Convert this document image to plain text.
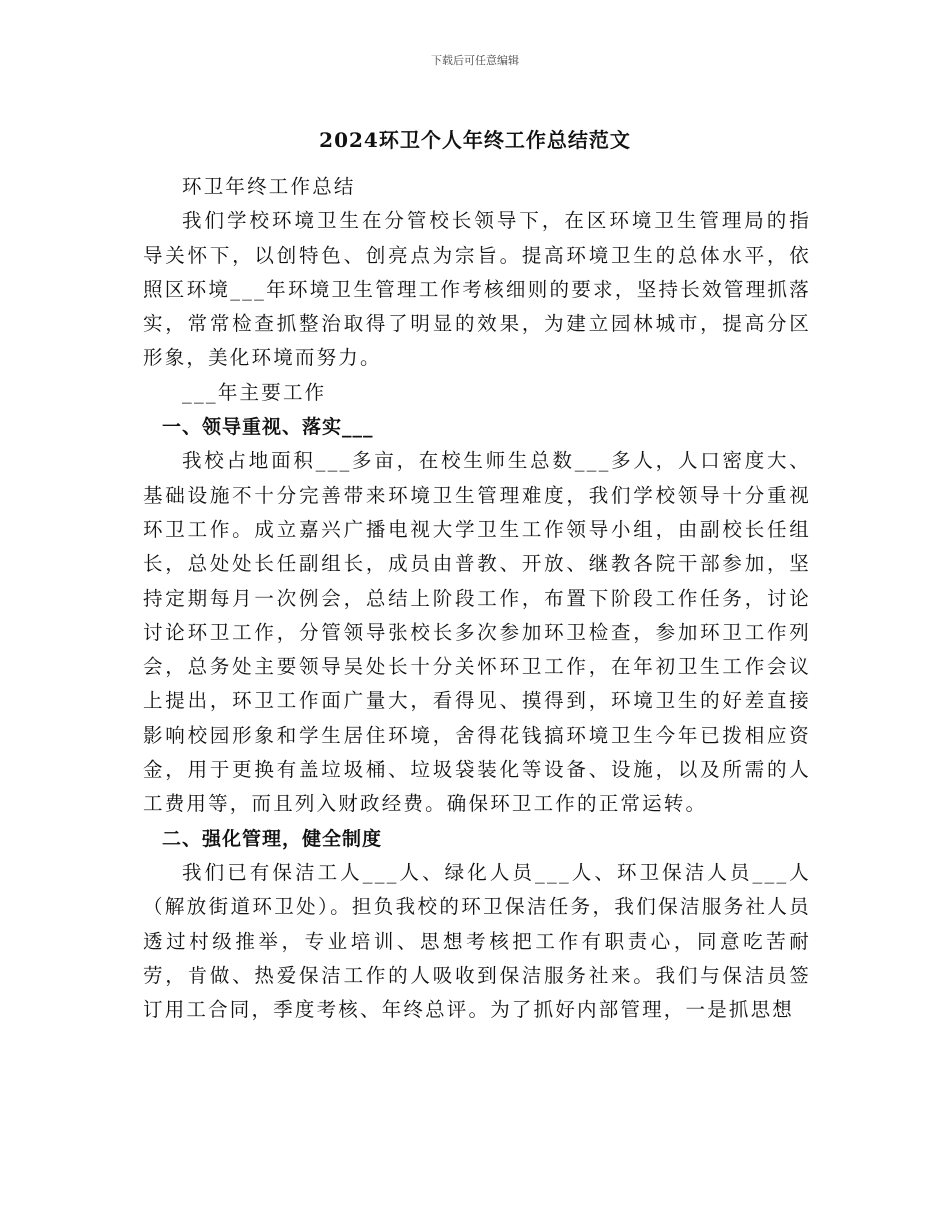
下载后可任意编辑
2024环卫个人年终工作总结范文

环卫年终工作总结

我们学校环境卫生在分管校长领导下，在区环境卫生管理局的指导关怀下，以创特色、创亮点为宗旨。提高环境卫生的总体水平，依照区环境___年环境卫生管理工作考核细则的要求，坚持长效管理抓落实，常常检查抓整治取得了明显的效果，为建立园林城市，提高分区形象，美化环境而努力。

___年主要工作

一、领导重视、落实___

我校占地面积___多亩，在校生师生总数___多人，人口密度大、基础设施不十分完善带来环境卫生管理难度，我们学校领导十分重视环卫工作。成立嘉兴广播电视大学卫生工作领导小组，由副校长任组长，总处处长任副组长，成员由普教、开放、继教各院干部参加，坚持定期每月一次例会，总结上阶段工作，布置下阶段工作任务，讨论讨论环卫工作，分管领导张校长多次参加环卫检查，参加环卫工作列会，总务处主要领导吴处长十分关怀环卫工作，在年初卫生工作会议上提出，环卫工作面广量大，看得见、摸得到，环境卫生的好差直接影响校园形象和学生居住环境，舍得花钱搞环境卫生今年已拨相应资金，用于更换有盖垃圾桶、垃圾袋装化等设备、设施，以及所需的人工费用等，而且列入财政经费。确保环卫工作的正常运转。

二、强化管理，健全制度

我们已有保洁工人___人、绿化人员___人、环卫保洁人员___人（解放街道环卫处）。担负我校的环卫保洁任务，我们保洁服务社人员透过村级推举，专业培训、思想考核把工作有职责心，同意吃苦耐劳，肯做、热爱保洁工作的人吸收到保洁服务社来。我们与保洁员签订用工合同，季度考核、年终总评。为了抓好内部管理，一是抓思想
